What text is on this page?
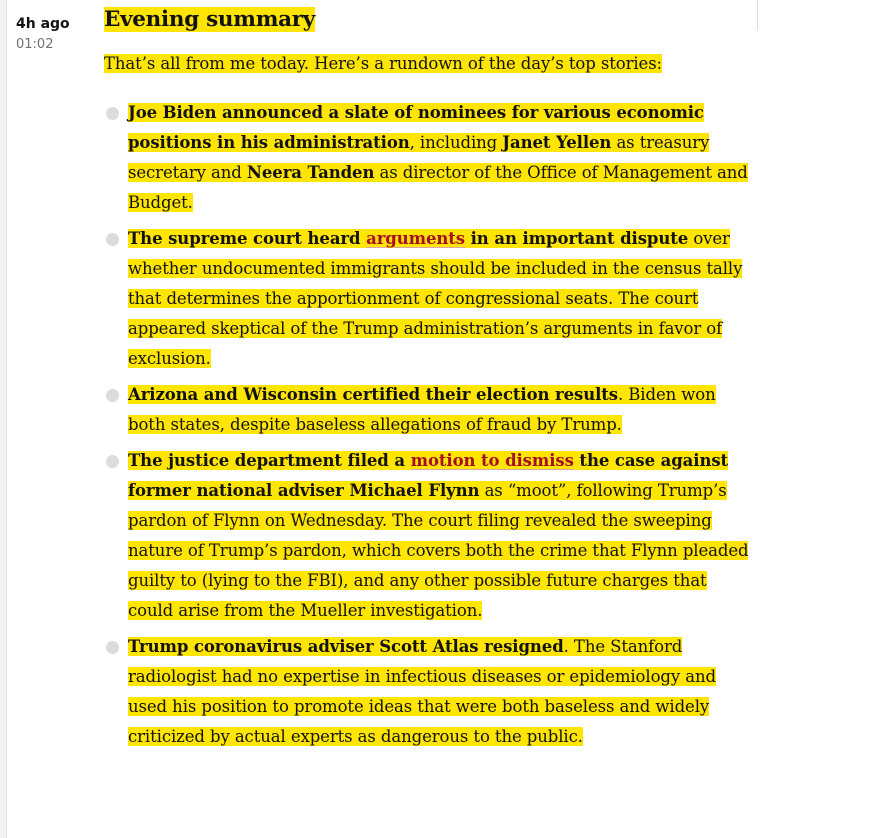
4h ago
01:02
Evening summary

That’s all from me today. Here’s a rundown of the day’s top stories:

Joe Biden announced a slate of nominees for various economic positions in his administration, including Janet Yellen as treasury secretary and Neera Tanden as director of the Office of Management and Budget.
The supreme court heard arguments in an important dispute over whether undocumented immigrants should be included in the census tally that determines the apportionment of congressional seats. The court appeared skeptical of the Trump administration’s arguments in favor of exclusion.
Arizona and Wisconsin certified their election results. Biden won both states, despite baseless allegations of fraud by Trump.
The justice department filed a motion to dismiss the case against former national adviser Michael Flynn as “moot”, following Trump’s pardon of Flynn on Wednesday. The court filing revealed the sweeping nature of Trump’s pardon, which covers both the crime that Flynn pleaded guilty to (lying to the FBI), and any other possible future charges that could arise from the Mueller investigation.
Trump coronavirus adviser Scott Atlas resigned. The Stanford radiologist had no expertise in infectious diseases or epidemiology and used his position to promote ideas that were both baseless and widely criticized by actual experts as dangerous to the public.
